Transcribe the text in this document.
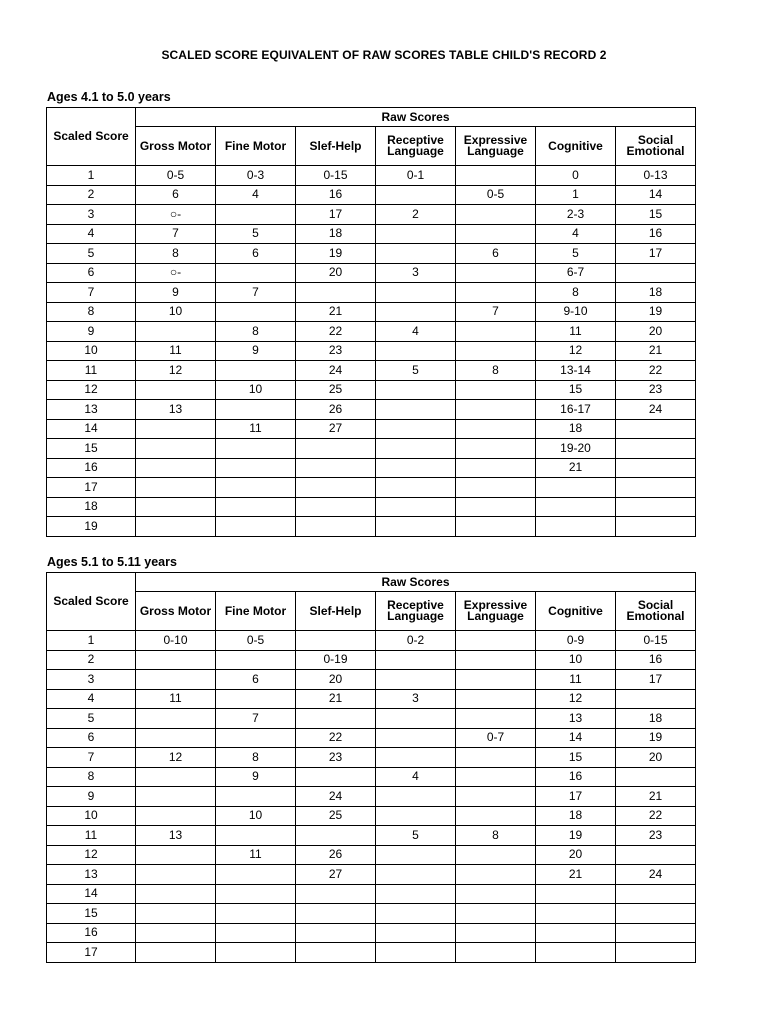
SCALED SCORE EQUIVALENT OF RAW SCORES TABLE CHILD'S RECORD 2
Ages 4.1 to 5.0 years
Scaled Score	Raw Scores						
	Gross Motor	Fine Motor	Slef-Help	Receptive
Language	Expressive
Language	Cognitive	Social
Emotional
1	0-5	0-3	0-15	0-1		0	0-13
2	6	4	16		0-5	1	14
3	○-		17	2		2-3	15
4	7	5	18			4	16
5	8	6	19		6	5	17
6	○-		20	3		6-7	
7	9	7				8	18
8	10		21		7	9-10	19
9		8	22	4		11	20
10	11	9	23			12	21
11	12		24	5	8	13-14	22
12		10	25			15	23
13	13		26			16-17	24
14		11	27			18	
15						19-20	
16						21	
17							
18							
19							
Ages 5.1 to 5.11 years
Scaled Score	Raw Scores						
	Gross Motor	Fine Motor	Slef-Help	Receptive
Language	Expressive
Language	Cognitive	Social
Emotional
1	0-10	0-5		0-2		0-9	0-15
2			0-19			10	16
3		6	20			11	17
4	11		21	3		12	
5		7				13	18
6			22		0-7	14	19
7	12	8	23			15	20
8		9		4		16	
9			24			17	21
10		10	25			18	22
11	13			5	8	19	23
12		11	26			20	
13			27			21	24
14							
15							
16							
17							
